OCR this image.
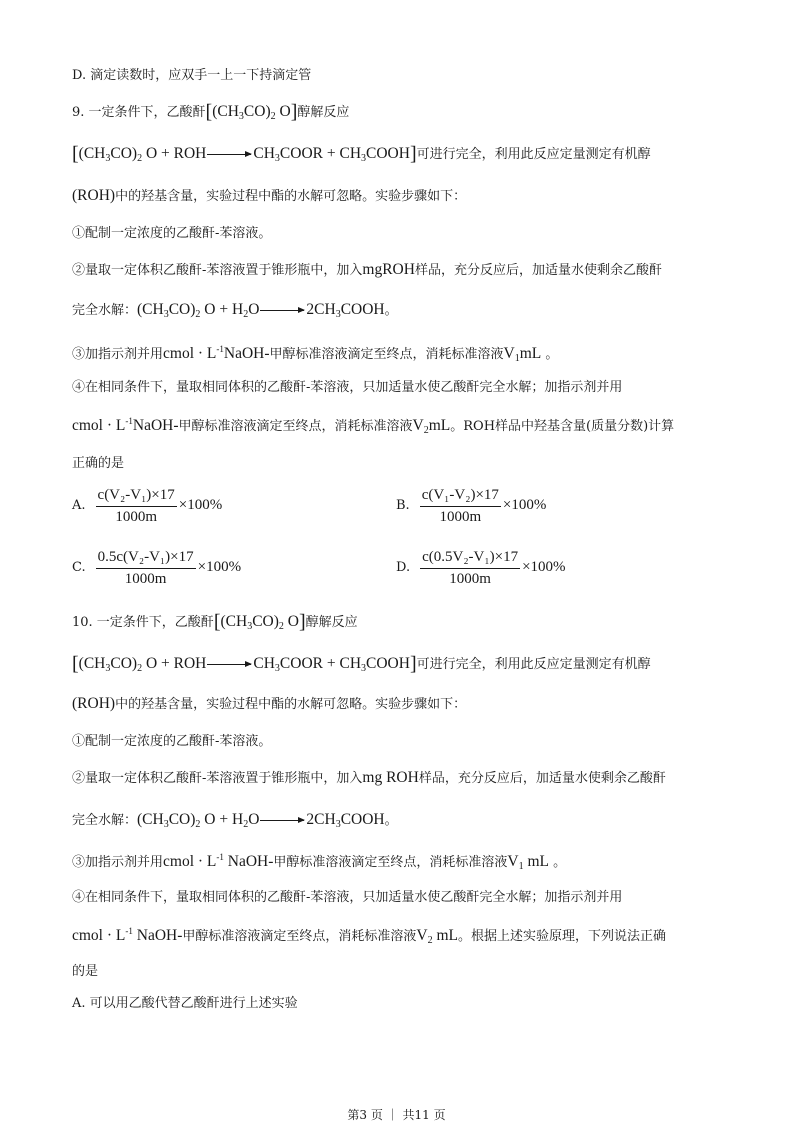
D. 滴定读数时，应双手一上一下持滴定管
9. 一定条件下，乙酸酐[$(CH_3CO)_2$ O]醇解反应
[$(CH_3CO)_2$ O + ROH	$CH_3COOR$ + $CH_3COOH$]可进行完全，利用此反应定量测定有机醇
(ROH)中的羟基含量，实验过程中酯的水解可忽略。实验步骤如下：
①配制一定浓度的乙酸酐-苯溶液。
②量取一定体积乙酸酐-苯溶液置于锥形瓶中，加入mgROH样品，充分反应后，加适量水使剩余乙酸酐
完全水解：$(CH_3CO)_2$ $O + H_2O$	$2CH_3COOH$。
③加指示剂并用cmol · $L^{-1}NaOH-$甲醇标准溶液滴定至终点，消耗标准溶液$V_1mL$ 。
④在相同条件下，量取相同体积的乙酸酐-苯溶液，只加适量水使乙酸酐完全水解；加指示剂并用
cmol · $L^{-1}NaOH-$甲醇标准溶液滴定至终点，消耗标准溶液$V_2mL$。ROH样品中羟基含量(质量分数)计算
正确的是
A. $\frac{\text{c(V₂-V₁)×17}}{1000m} \times 100\%$	B. $\frac{\text{c(V₁-V₂)×17}}{1000m} \times 100\%$
C. $\frac{\text{0.5c(V₂-V₁)×17}}{1000m} \times 100\%$	D. $\frac{\text{c(0.5V₂-V₁)×17}}{1000m} \times 100\%$
10. 一定条件下，乙酸酐[$(CH_3CO)_2$ O]醇解反应
[$(CH_3CO)_2$ O + ROH	$CH_3COOR$ + $CH_3COOH$]可进行完全，利用此反应定量测定有机醇
(ROH)中的羟基含量，实验过程中酯的水解可忽略。实验步骤如下：
①配制一定浓度的乙酸酐-苯溶液。
②量取一定体积乙酸酐-苯溶液置于锥形瓶中，加入mg ROH样品，充分反应后，加适量水使剩余乙酸酐
完全水解：$(CH_3CO)_2$ $O + H_2O$	$2CH_3COOH$。
③加指示剂并用cmol · $L^{-1}$ NaOH-甲醇标准溶液滴定至终点，消耗标准溶液$V_1$ mL 。
④在相同条件下，量取相同体积的乙酸酐-苯溶液，只加适量水使乙酸酐完全水解；加指示剂并用
cmol · $L^{-1}$ NaOH-甲醇标准溶液滴定至终点，消耗标准溶液$V_2$ mL。根据上述实验原理，下列说法正确
的是
A. 可以用乙酸代替乙酸酐进行上述实验
第3 页 ｜ 共11 页
